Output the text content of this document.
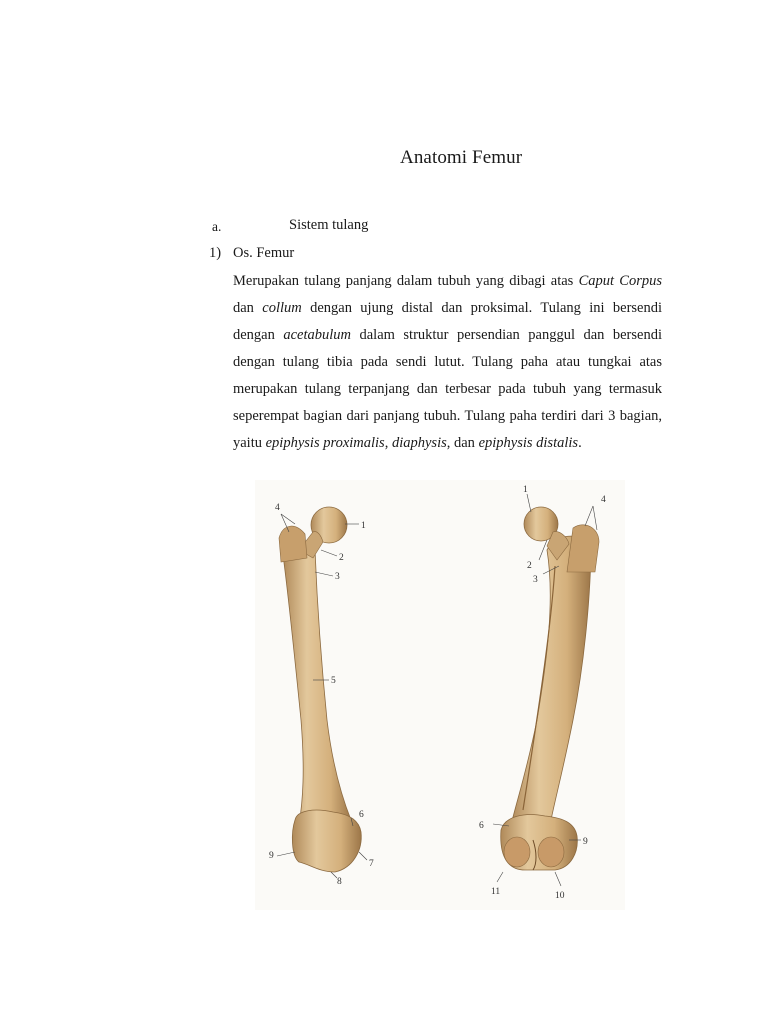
Anatomi Femur
a.	Sistem tulang
1) Os. Femur
Merupakan tulang panjang dalam tubuh yang dibagi atas Caput Corpus dan collum dengan ujung distal dan proksimal. Tulang ini bersendi dengan acetabulum dalam struktur persendian panggul dan bersendi dengan tulang tibia pada sendi lutut. Tulang paha atau tungkai atas merupakan tulang terpanjang dan terbesar pada tubuh yang termasuk seperempat bagian dari panjang tubuh. Tulang paha terdiri dari 3 bagian, yaitu epiphysis proximalis, diaphysis, dan epiphysis distalis.
4
1
2
3
5
6
9
7
8
1
4
2
3
6
9
11	10
